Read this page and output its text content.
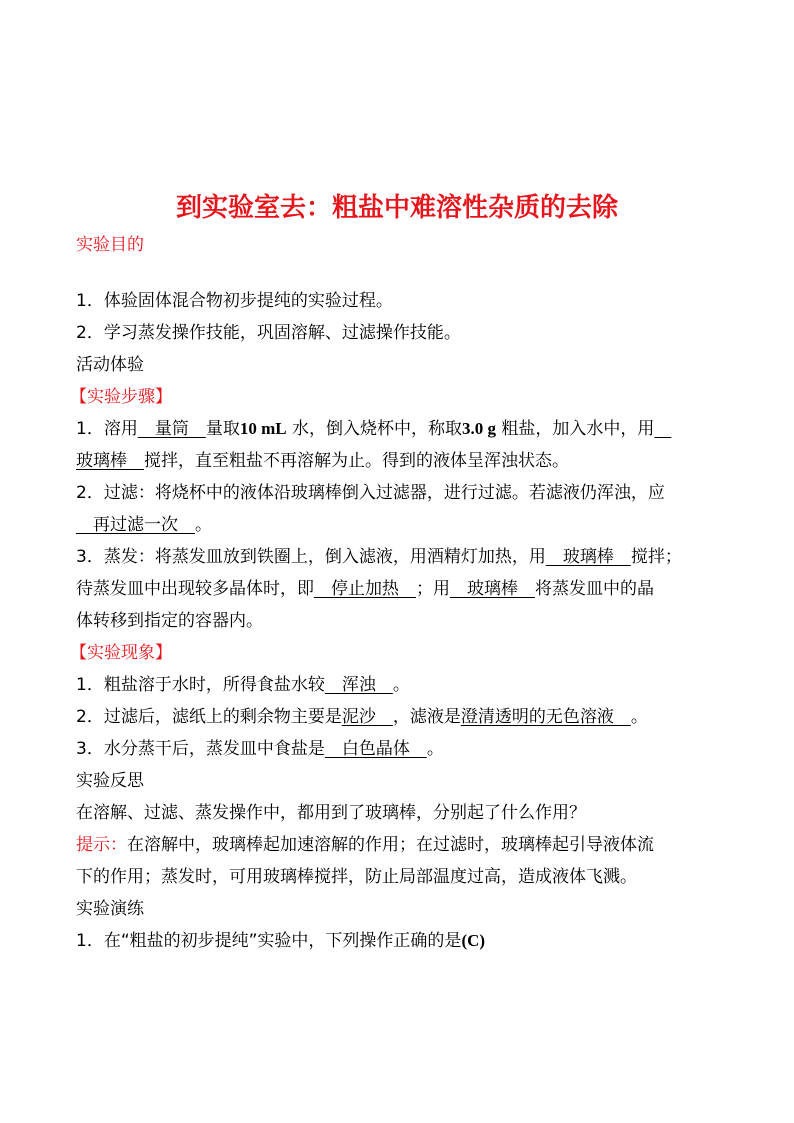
到实验室去：粗盐中难溶性杂质的去除
实验目的
1．体验固体混合物初步提纯的实验过程。
2．学习蒸发操作技能，巩固溶解、过滤操作技能。
活动体验
【实验步骤】
1．溶用　量筒　量取10 mL 水，倒入烧杯中，称取3.0 g 粗盐，加入水中，用　
玻璃棒　搅拌，直至粗盐不再溶解为止。得到的液体呈浑浊状态。
2．过滤：将烧杯中的液体沿玻璃棒倒入过滤器，进行过滤。若滤液仍浑浊，应
　再过滤一次　。
3．蒸发：将蒸发皿放到铁圈上，倒入滤液，用酒精灯加热，用　玻璃棒　搅拌；
待蒸发皿中出现较多晶体时，即　停止加热　；用　玻璃棒　将蒸发皿中的晶
体转移到指定的容器内。
【实验现象】
1．粗盐溶于水时，所得食盐水较　浑浊　。
2．过滤后，滤纸上的剩余物主要是泥沙　，滤液是澄清透明的无色溶液　。
3．水分蒸干后，蒸发皿中食盐是　白色晶体　。
实验反思
在溶解、过滤、蒸发操作中，都用到了玻璃棒，分别起了什么作用？
提示：在溶解中，玻璃棒起加速溶解的作用；在过滤时，玻璃棒起引导液体流
下的作用；蒸发时，可用玻璃棒搅拌，防止局部温度过高，造成液体飞溅。
实验演练
1．在“粗盐的初步提纯”实验中，下列操作正确的是(C)
